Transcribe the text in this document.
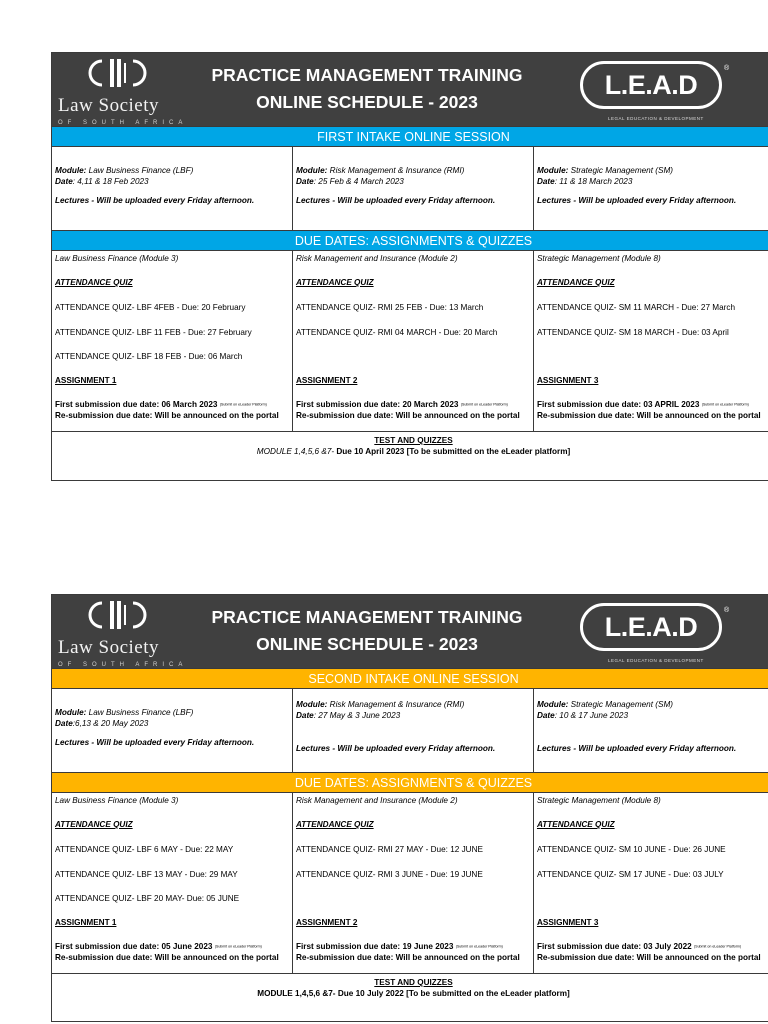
Law Society
OF SOUTH AFRICA
PRACTICE MANAGEMENT TRAINING
ONLINE SCHEDULE - 2023
L.E.A.D
®
LEGAL EDUCATION & DEVELOPMENT
FIRST INTAKE ONLINE SESSION
Module: Law Business Finance (LBF)
Date: 4,11 & 18 Feb 2023
Lectures - Will be uploaded every Friday afternoon.
Module: Risk Management & Insurance (RMI)
Date: 25 Feb & 4 March 2023
Lectures - Will be uploaded every Friday afternoon.
Module: Strategic Management (SM)
Date: 11 & 18 March 2023
Lectures - Will be uploaded every Friday afternoon.
DUE DATES: ASSIGNMENTS & QUIZZES
Law Business Finance (Module 3)
ATTENDANCE QUIZ
ATTENDANCE QUIZ- LBF 4FEB - Due: 20 February
ATTENDANCE QUIZ- LBF 11 FEB - Due: 27 February
ATTENDANCE QUIZ- LBF 18 FEB - Due: 06 March
ASSIGNMENT 1
First submission due date: 06 March 2023 (Submit on eLeader Platform)
Re-submission due date: Will be announced on the portal
Risk Management and Insurance (Module 2)
ATTENDANCE QUIZ
ATTENDANCE QUIZ- RMI 25 FEB - Due: 13 March
ATTENDANCE QUIZ- RMI 04 MARCH - Due: 20 March
ASSIGNMENT 2
First submission due date: 20 March 2023 (Submit on eLeader Platform)
Re-submission due date: Will be announced on the portal
Strategic Management (Module 8)
ATTENDANCE QUIZ
ATTENDANCE QUIZ- SM 11 MARCH - Due: 27 March
ATTENDANCE QUIZ- SM 18 MARCH - Due: 03 April
ASSIGNMENT 3
First submission due date: 03 APRIL 2023 (Submit on eLeader Platform)
Re-submission due date: Will be announced on the portal
TEST AND QUIZZES
MODULE 1,4,5,6 &7- Due 10 April 2023 [To be submitted on the eLeader platform]
Law Society
OF SOUTH AFRICA
PRACTICE MANAGEMENT TRAINING
ONLINE SCHEDULE - 2023
L.E.A.D
®
LEGAL EDUCATION & DEVELOPMENT
SECOND INTAKE ONLINE SESSION
Module: Law Business Finance (LBF)
Date:6,13 & 20 May 2023
Lectures - Will be uploaded every Friday afternoon.
Module: Risk Management & Insurance (RMI)
Date: 27 May & 3 June 2023
Lectures - Will be uploaded every Friday afternoon.
Module: Strategic Management (SM)
Date: 10 & 17 June 2023
Lectures - Will be uploaded every Friday afternoon.
DUE DATES: ASSIGNMENTS & QUIZZES
Law Business Finance (Module 3)
ATTENDANCE QUIZ
ATTENDANCE QUIZ- LBF 6 MAY - Due: 22 MAY
ATTENDANCE QUIZ- LBF 13 MAY - Due: 29 MAY
ATTENDANCE QUIZ- LBF 20 MAY- Due: 05 JUNE
ASSIGNMENT 1
First submission due date: 05 June 2023 (Submit on eLeader Platform)
Re-submission due date: Will be announced on the portal
Risk Management and Insurance (Module 2)
ATTENDANCE QUIZ
ATTENDANCE QUIZ- RMI 27 MAY - Due: 12 JUNE
ATTENDANCE QUIZ- RMI 3 JUNE - Due: 19 JUNE
ASSIGNMENT 2
First submission due date: 19 June 2023 (Submit on eLeader Platform)
Re-submission due date: Will be announced on the portal
Strategic Management (Module 8)
ATTENDANCE QUIZ
ATTENDANCE QUIZ- SM 10 JUNE - Due: 26 JUNE
ATTENDANCE QUIZ- SM 17 JUNE - Due: 03 JULY
ASSIGNMENT 3
First submission due date: 03 July 2022 (Submit on eLeader Platform)
Re-submission due date: Will be announced on the portal
TEST AND QUIZZES
MODULE 1,4,5,6 &7- Due 10 July 2022 [To be submitted on the eLeader platform]
